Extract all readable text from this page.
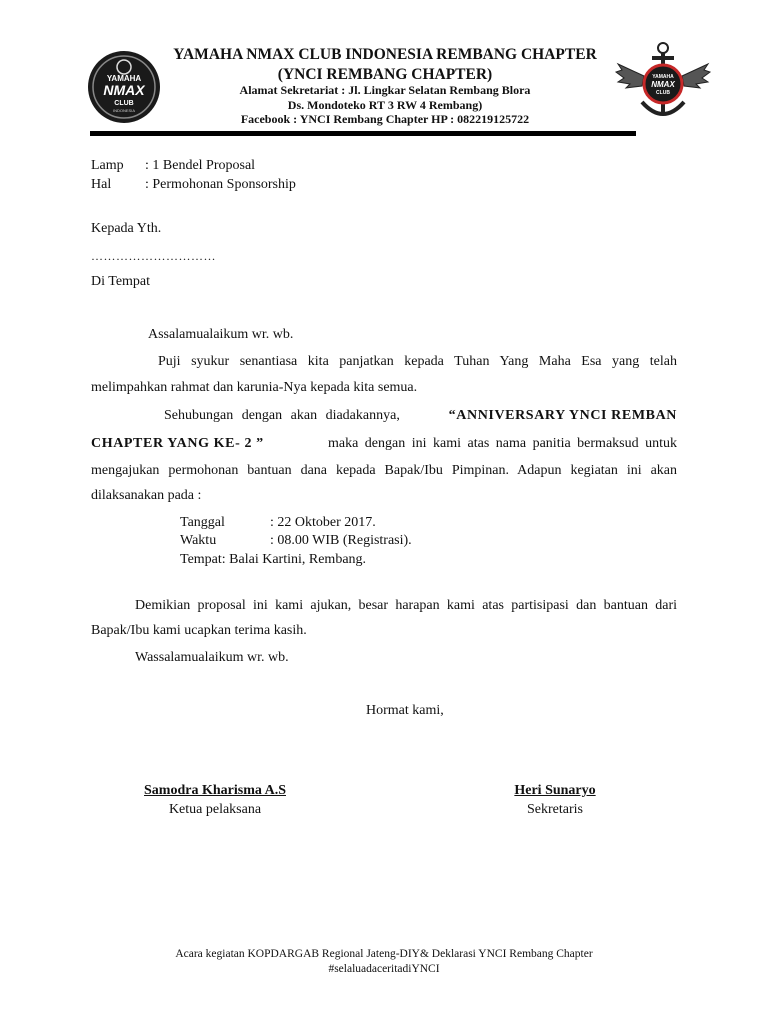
YAMAHA
NMAX
CLUB
INDONESIA
YAMAHA
NMAX
CLUB
YAMAHA NMAX CLUB INDONESIA REMBANG CHAPTER
(YNCI REMBANG CHAPTER)
Alamat Sekretariat : Jl. Lingkar Selatan Rembang Blora
Ds. Mondoteko RT 3 RW 4 Rembang)
Facebook : YNCI Rembang Chapter HP : 082219125722
Lamp : 1 Bendel Proposal
Hal : Permohonan Sponsorship
Kepada Yth.
…………………………
Di Tempat
Assalamualaikum wr. wb.
Puji syukur senantiasa kita panjatkan kepada Tuhan Yang Maha Esa yang telah
melimpahkan rahmat dan karunia-Nya kepada kita semua.
Sehubungan dengan akan diadakannya,	“ANNIVERSARY YNCI REMBAN
CHAPTER YANG KE- 2 ”	maka dengan ini kami atas nama panitia bermaksud untuk
mengajukan permohonan bantuan dana kepada Bapak/Ibu Pimpinan. Adapun kegiatan ini akan
dilaksanakan pada :
Tanggal	: 22 Oktober 2017.
Waktu	: 08.00 WIB (Registrasi).
Tempat: Balai Kartini, Rembang.
Demikian proposal ini kami ajukan, besar harapan kami atas partisipasi dan bantuan dari
Bapak/Ibu kami ucapkan terima kasih.
Wassalamualaikum wr. wb.
Hormat kami,
Samodra Kharisma A.S
Ketua pelaksana
Heri Sunaryo
Sekretaris
Acara kegiatan KOPDARGAB Regional Jateng-DIY& Deklarasi YNCI Rembang Chapter
#selaluadaceritadiYNCI
